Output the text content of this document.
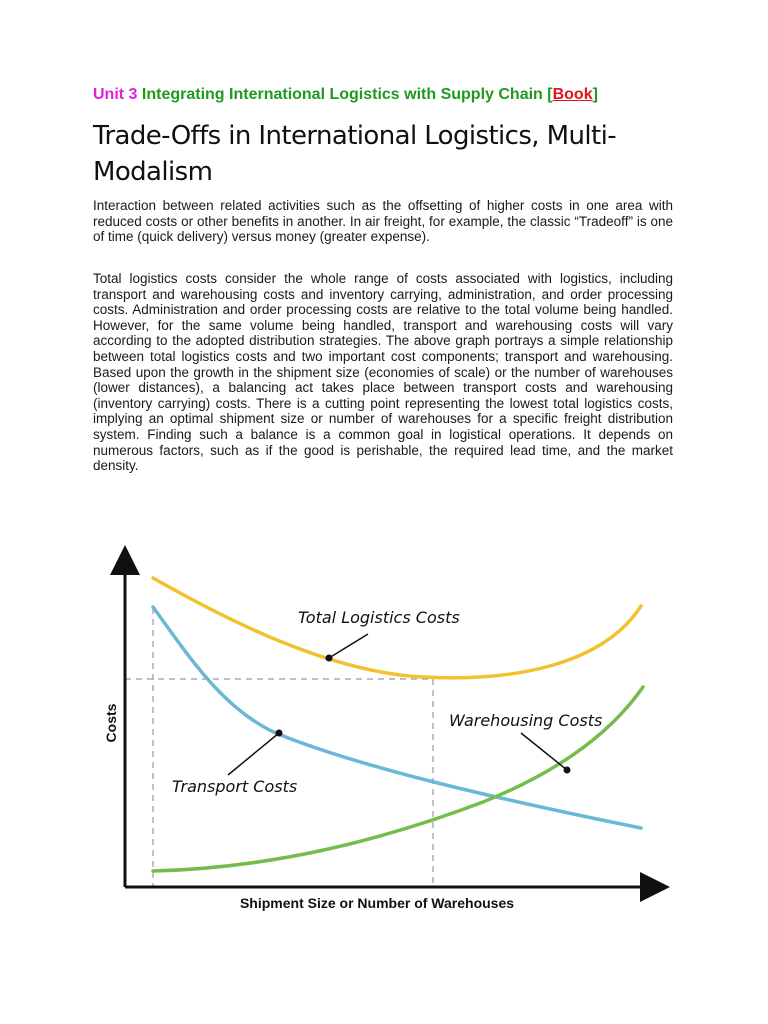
Unit 3 Integrating International Logistics with Supply Chain [Book]
Trade-Offs in International Logistics, Multi-Modalism

Interaction between related activities such as the offsetting of higher costs in one area with reduced costs or other benefits in another. In air freight, for example, the classic “Tradeoff” is one of time (quick delivery) versus money (greater expense).

Total logistics costs consider the whole range of costs associated with logistics, including transport and warehousing costs and inventory carrying, administration, and order processing costs. Administration and order processing costs are relative to the total volume being handled. However, for the same volume being handled, transport and warehousing costs will vary according to the adopted distribution strategies. The above graph portrays a simple relationship between total logistics costs and two important cost components; transport and warehousing. Based upon the growth in the shipment size (economies of scale) or the number of warehouses (lower distances), a balancing act takes place between transport costs and warehousing (inventory carrying) costs. There is a cutting point representing the lowest total logistics costs, implying an optimal shipment size or number of warehouses for a specific freight distribution system. Finding such a balance is a common goal in logistical operations. It depends on numerous factors, such as if the good is perishable, the required lead time, and the market density.

Total Logistics Costs
Warehousing Costs
Transport Costs
Costs
Shipment Size or Number of Warehouses
